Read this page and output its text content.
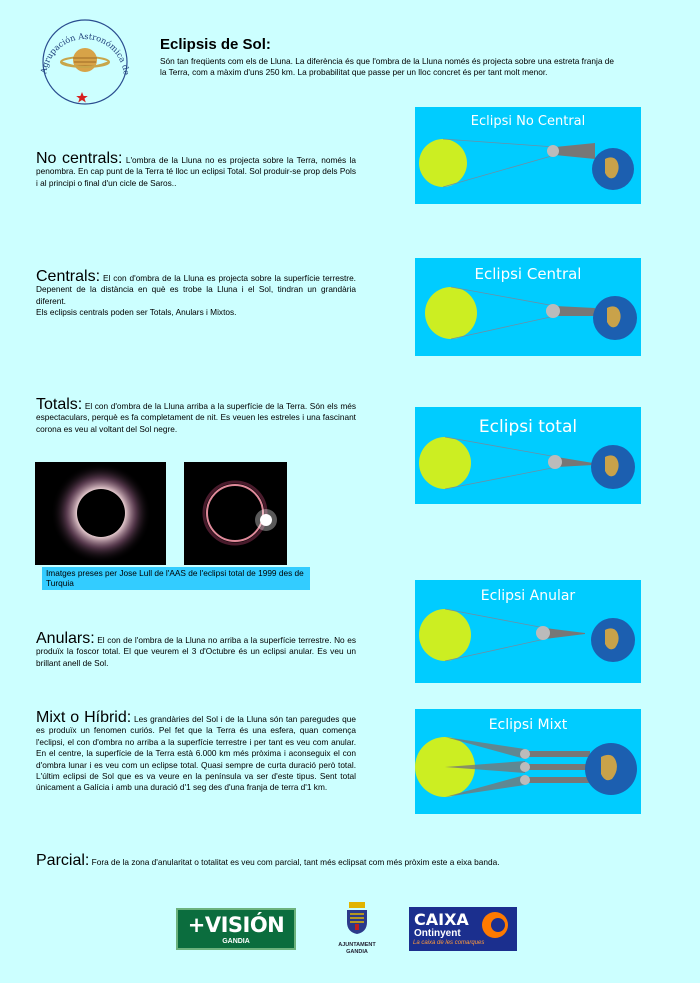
Agrupación Astronómica de
Eclipsis de Sol:
Són tan freqüents com els de Lluna. La diferència és que l'ombra de la Lluna només és projecta sobre una estreta franja de la Terra, com a màxim d'uns 250 km. La probabilitat que passe per un lloc concret és per tant molt menor.
No centrals: L'ombra de la Lluna no es projecta sobre la Terra, només la penombra. En cap punt de la Terra té lloc un eclipsi Total. Sol produir-se prop dels Pols i al principi o final d'un cicle de Saros..
Centrals: El con d'ombra de la Lluna es projecta sobre la superfície terrestre. Depenent de la distància en què es trobe la Lluna i el Sol, tindran un grandària diferent.
Els eclipsis centrals poden ser Totals, Anulars i Mixtos.
Totals: El con d'ombra de la Lluna arriba a la superfície de la Terra. Són els més espectaculars, perquè es fa completament de nit. Es veuen les estreles i una fascinant corona es veu al voltant del Sol negre.
Anulars: El con de l'ombra de la Lluna no arriba a la superfície terrestre. No es produïx la foscor total. El que veurem el 3 d'Octubre és un eclipsi anular. Es veu un brillant anell de Sol.
Mixt o Híbrid: Les grandàries del Sol i de la Lluna són tan paregudes que es produïx un fenomen curiós. Pel fet que la Terra és una esfera, quan comença l'eclipsi, el con d'ombra no arriba a la superfície terrestre i per tant es veu com anular. En el centre, la superfície de la Terra està 6.000 km més pròxima i aconseguix el con d'ombra lunar i es veu com un eclipse total. Quasi sempre de curta duració però total. L'últim eclipsi de Sol que es va veure en la península va ser d'este tipus. Sent total únicament a Galícia i amb una duració d'1 seg des d'una franja de terra d'1 km.
Parcial: Fora de la zona d'anularitat o totalitat es veu com parcial, tant més eclipsat com més pròxim este a eixa banda.
Imatges preses per Jose Lull de l'AAS de l'eclipsi total de 1999 des de Turquia
Eclipsi No Central
Eclipsi Central
Eclipsi total
Eclipsi Anular
Eclipsi Mixt
+VISIÓN
GANDIA	AJUNTAMENT
GANDIA
CAIXA
Ontinyent
La caixa de les comarques
